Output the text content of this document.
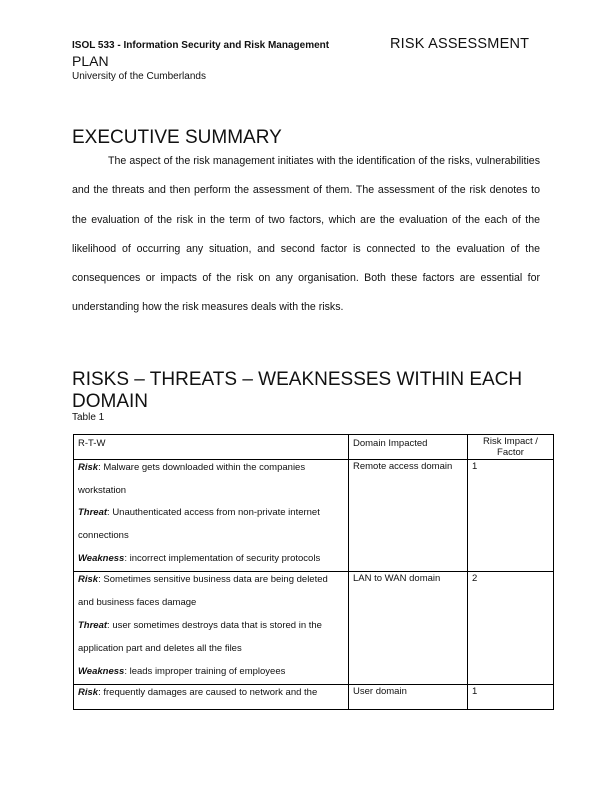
ISOL 533 - Information Security and Risk Management	RISK ASSESSMENT
PLAN
University of the Cumberlands
EXECUTIVE SUMMARY

The aspect of the risk management initiates with the identification of the risks, vulnerabilities and the threats and then perform the assessment of them. The assessment of the risk denotes to the evaluation of the risk in the term of two factors, which are the evaluation of the each of the likelihood of occurring any situation, and second factor is connected to the evaluation of the consequences or impacts of the risk on any organisation. Both these factors are essential for understanding how the risk measures deals with the risks.

RISKS – THREATS – WEAKNESSES WITHIN EACH DOMAIN
Table 1
R-T-W	Domain Impacted	Risk Impact / Factor

Risk: Malware gets downloaded within the companies workstation
Threat: Unauthenticated access from non-private internet connections
Weakness: incorrect implementation of security protocols	Remote access domain	1

Risk: Sometimes sensitive business data are being deleted and business faces damage
Threat: user sometimes destroys data that is stored in the application part and deletes all the files
Weakness: leads improper training of employees	LAN to WAN domain	2

Risk: frequently damages are caused to network and the	User domain	1
